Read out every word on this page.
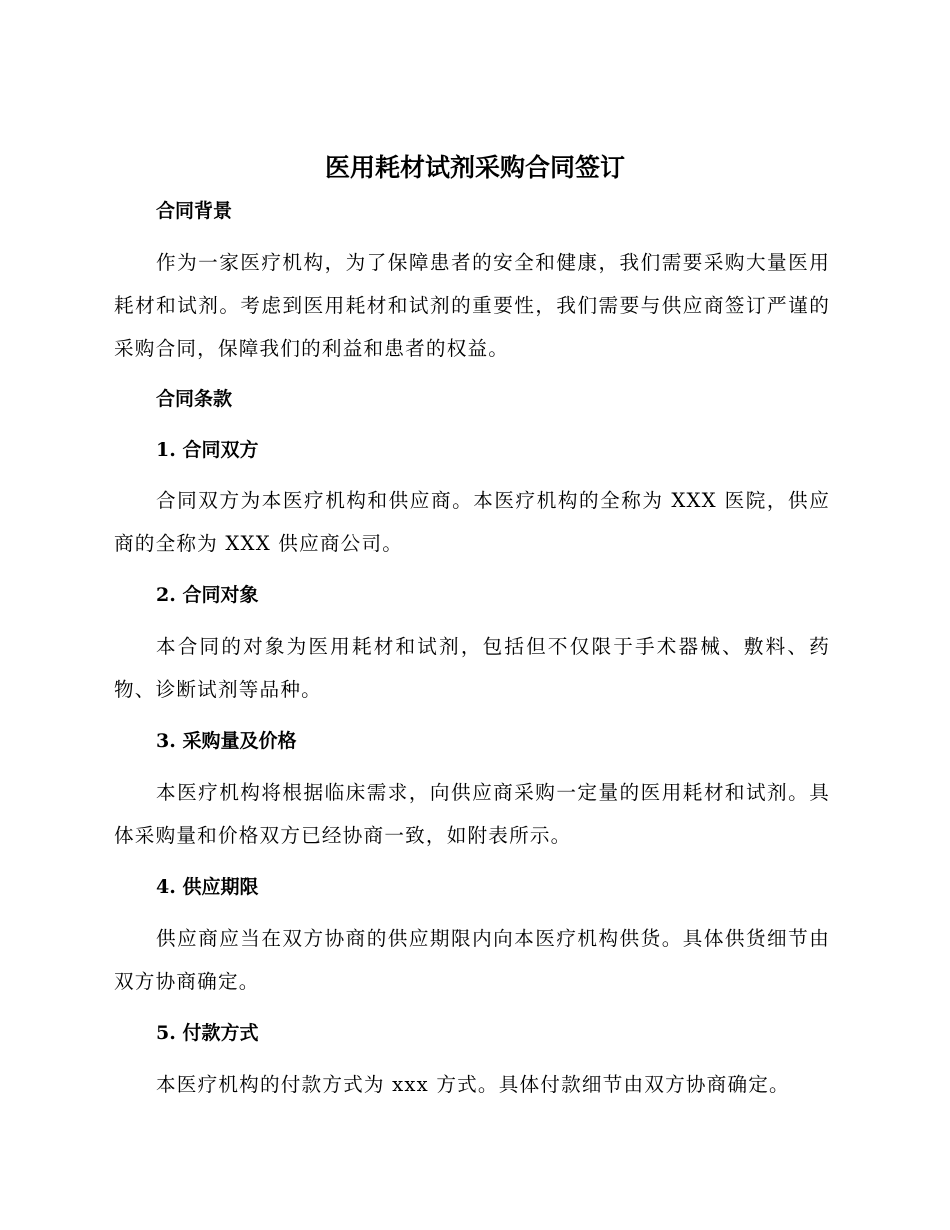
医用耗材试剂采购合同签订
合同背景

作为一家医疗机构，为了保障患者的安全和健康，我们需要采购大量医用耗材和试剂。考虑到医用耗材和试剂的重要性，我们需要与供应商签订严谨的采购合同，保障我们的利益和患者的权益。

合同条款
1. 合同双方

合同双方为本医疗机构和供应商。本医疗机构的全称为 XXX 医院，供应商的全称为 XXX 供应商公司。

2. 合同对象

本合同的对象为医用耗材和试剂，包括但不仅限于手术器械、敷料、药物、诊断试剂等品种。

3. 采购量及价格

本医疗机构将根据临床需求，向供应商采购一定量的医用耗材和试剂。具体采购量和价格双方已经协商一致，如附表所示。

4. 供应期限

供应商应当在双方协商的供应期限内向本医疗机构供货。具体供货细节由双方协商确定。

5. 付款方式

本医疗机构的付款方式为 xxx 方式。具体付款细节由双方协商确定。
